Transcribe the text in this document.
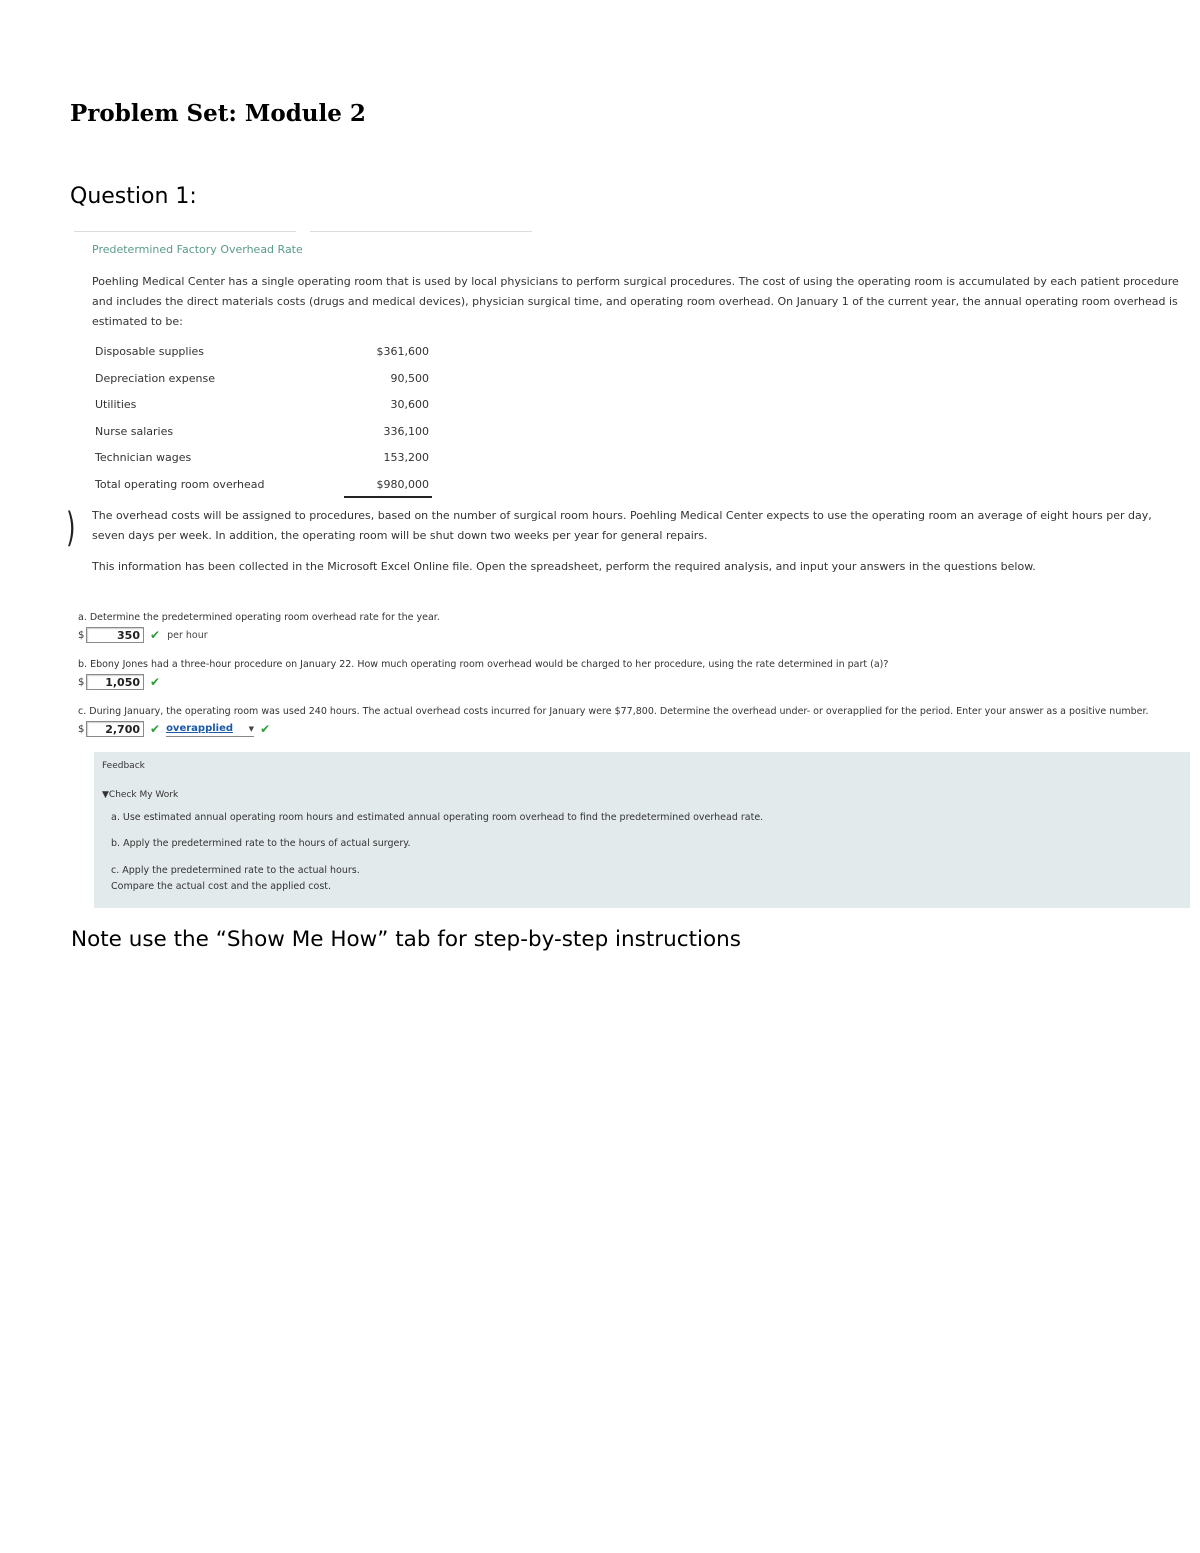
Problem Set: Module 2
Question 1:
Predetermined Factory Overhead Rate

Poehling Medical Center has a single operating room that is used by local physicians to perform surgical procedures. The cost of using the operating room is accumulated by each patient procedure and includes the direct materials costs (drugs and medical devices), physician surgical time, and operating room overhead. On January 1 of the current year, the annual operating room overhead is estimated to be:

Disposable supplies	$361,600
Depreciation expense	90,500
Utilities	30,600
Nurse salaries	336,100
Technician wages	153,200
Total operating room overhead	$980,000
) The overhead costs will be assigned to procedures, based on the number of surgical room hours. Poehling Medical Center expects to use the operating room an average of eight hours per day, seven days per week. In addition, the operating room will be shut down two weeks per year for general repairs.

This information has been collected in the Microsoft Excel Online file. Open the spreadsheet, perform the required analysis, and input your answers in the questions below.

a. Determine the predetermined operating room overhead rate for the year.
$	350 ✔ per hour
b. Ebony Jones had a three-hour procedure on January 22. How much operating room overhead would be charged to her procedure, using the rate determined in part (a)?
$	1,050 ✔
c. During January, the operating room was used 240 hours. The actual overhead costs incurred for January were $77,800. Determine the overhead under- or overapplied for the period. Enter your answer as a positive number.
$	2,700 ✔ overapplied ▼ ✔
Feedback
▼Check My Work
a. Use estimated annual operating room hours and estimated annual operating room overhead to find the predetermined overhead rate.
b. Apply the predetermined rate to the hours of actual surgery.
c. Apply the predetermined rate to the actual hours.
Compare the actual cost and the applied cost.

Note use the “Show Me How” tab for step-by-step instructions
